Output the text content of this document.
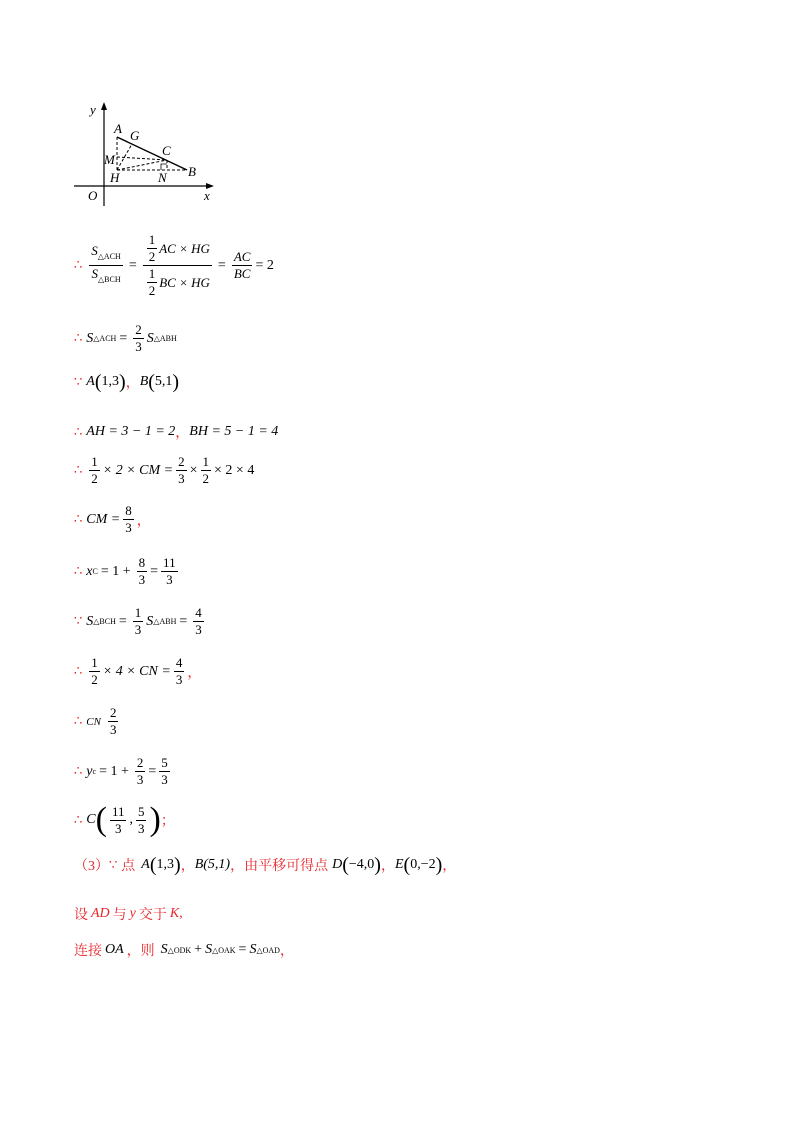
y
x
O
A G
C
M
B
H	N
∴ $\frac{S_{\triangle ACH}}{S_{\triangle BCH}} = \frac{\frac{1}{2} AC \times HG}{\frac{1}{2} BC \times HG} = \frac{AC}{BC} = 2$
∴ S △ACH = $\frac{2}{3}$ S △ABH
∵ A ( 1,3 ) ， B ( 5,1 )
∴ AH = 3 − 1 = 2 ， BH = 5 − 1 = 4
∴ $\frac{1}{2} \times 2$ × CM = $\frac{2}{3} \times \frac{1}{2} \times 2 \times 4$
∴ CM = $\frac{8}{3}$ ，
∴ x $C = 1 + \frac{8}{3} = \frac{11}{3}$
∵ S △BCH = $\frac{1}{3}$ S △ABH = $\frac{4}{3}$
∴ $\frac{1}{2} \times 4$ × CN = $\frac{4}{3}$ ，
∴ CN $\frac{2}{3}$
∴ y $c = 1 + \frac{2}{3} = \frac{5}{3}$
∴ C ( $\frac{11}{3}$ , $\frac{5}{3}$ ) ；
（3） ∵ 点 A ( 1,3 ) ， B(5,1) ，由平移可得点 D ( −4,0 ) ， E ( 0,−2 ) ，
设 AD 与 y 交于 K ,
连接 OA ，则 S △ODK + S △OAK = S △OAD ，
